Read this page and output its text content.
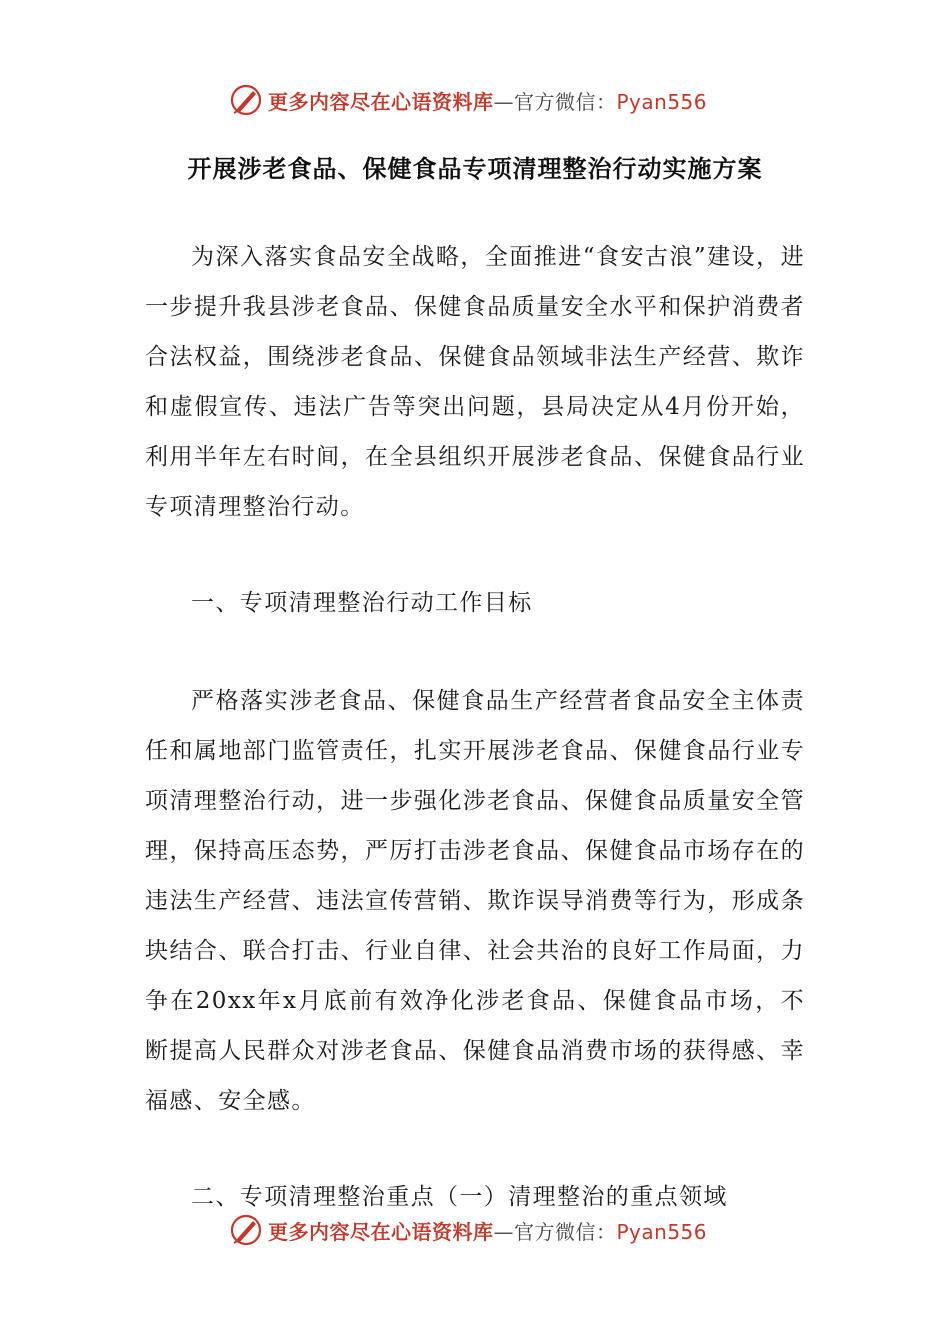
更多内容尽在心语资料库—官方微信：Pyan556
开展涉老食品、保健食品专项清理整治行动实施方案

为深入落实食品安全战略，全面推进“食安古浪”建设，进一步提升我县涉老食品、保健食品质量安全水平和保护消费者合法权益，围绕涉老食品、保健食品领域非法生产经营、欺诈和虚假宣传、违法广告等突出问题，县局决定从4月份开始，利用半年左右时间，在全县组织开展涉老食品、保健食品行业专项清理整治行动。

一、专项清理整治行动工作目标

严格落实涉老食品、保健食品生产经营者食品安全主体责任和属地部门监管责任，扎实开展涉老食品、保健食品行业专项清理整治行动，进一步强化涉老食品、保健食品质量安全管理，保持高压态势，严厉打击涉老食品、保健食品市场存在的违法生产经营、违法宣传营销、欺诈误导消费等行为，形成条块结合、联合打击、行业自律、社会共治的良好工作局面，力争在20xx年x月底前有效净化涉老食品、保健食品市场，不断提高人民群众对涉老食品、保健食品消费市场的获得感、幸福感、安全感。

二、专项清理整治重点（一）清理整治的重点领域

更多内容尽在心语资料库—官方微信：Pyan556
